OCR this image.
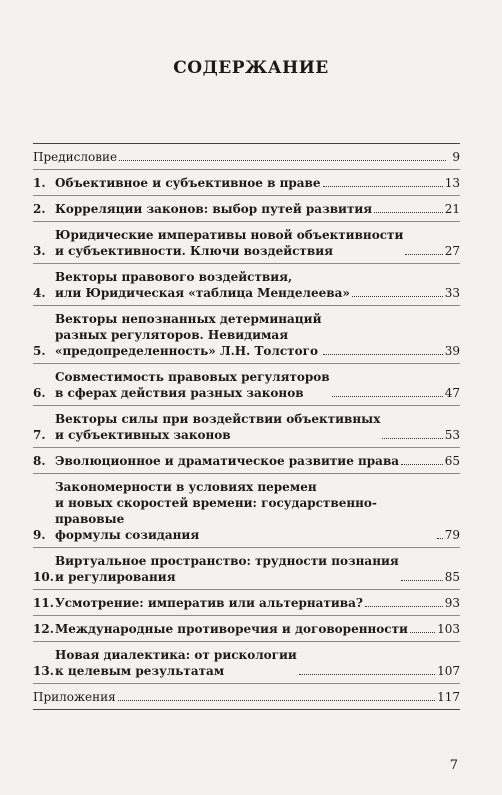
СОДЕРЖАНИЕ
Предисловие	9
1. Объективное и субъективное в праве	13
2. Корреляции законов: выбор путей развития	21
3.
Юридические императивы новой объективности
и субъективности. Ключи воздействия	27
4.
Векторы правового воздействия,
или Юридическая «таблица Менделеева»	33
5.
Векторы непознанных детерминаций
разных регуляторов. Невидимая
«предопределенность» Л.Н. Толстого	39
6.
Совместимость правовых регуляторов
в сферах действия разных законов	47
7.
Векторы силы при воздействии объективных
и субъективных законов	53
8. Эволюционное и драматическое развитие права	65
9.
Закономерности в условиях перемен
и новых скоростей времени: государственно-правовые
формулы созидания	79
10.
Виртуальное пространство: трудности познания
и регулирования	85
11. Усмотрение: императив или альтернатива?	93
12. Международные противоречия и договоренности 103
13.
Новая диалектика: от рискологии
к целевым результатам	107
Приложения	117
7
